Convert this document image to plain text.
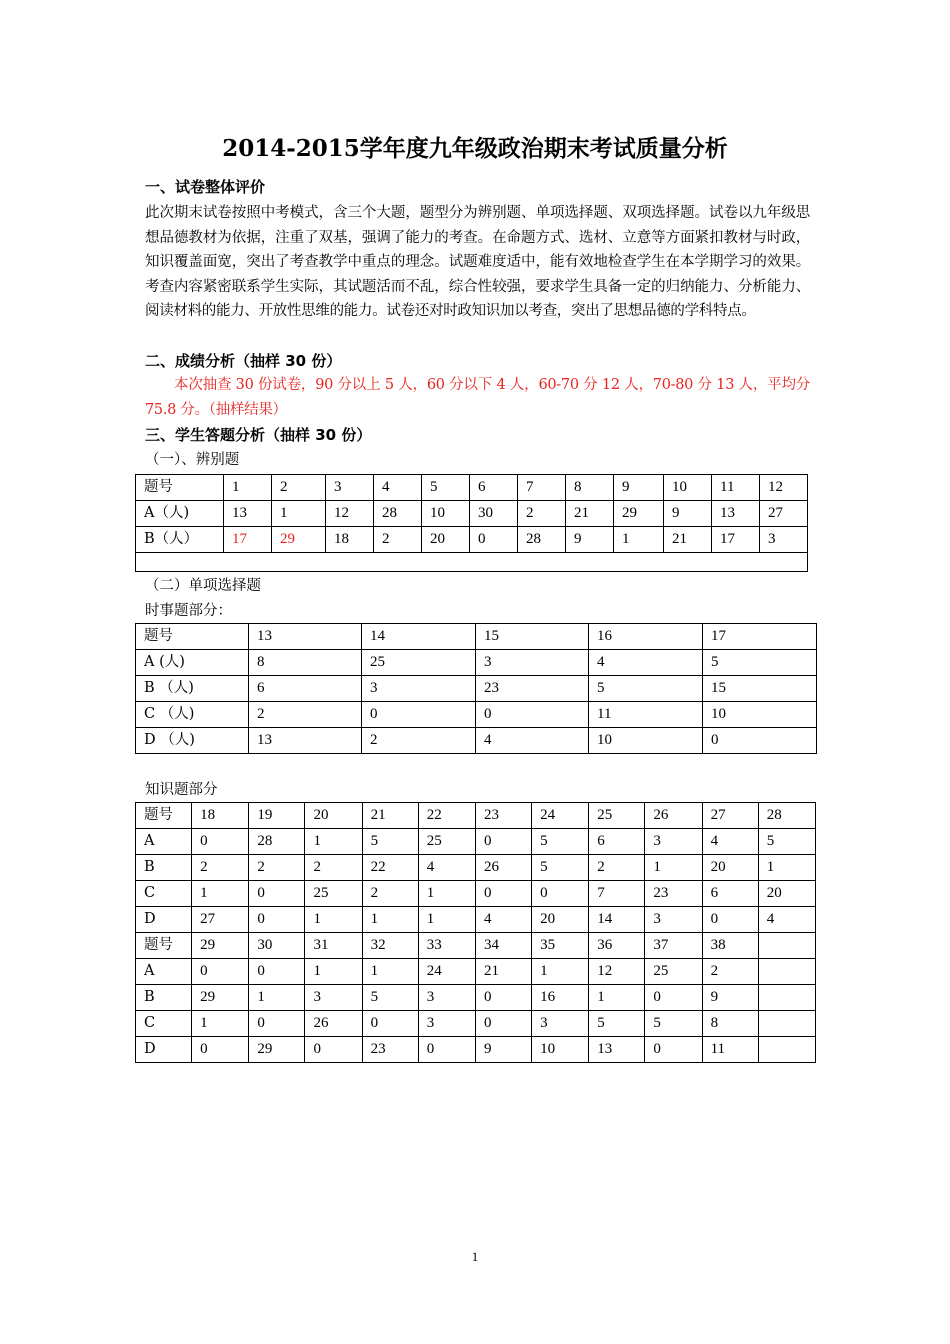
2014-2015学年度九年级政治期末考试质量分析
一、试卷整体评价

此次期末试卷按照中考模式，含三个大题，题型分为辨别题、单项选择题、双项选择题。试卷以九年级思想品德教材为依据，注重了双基，强调了能力的考查。在命题方式、选材、立意等方面紧扣教材与时政，知识覆盖面宽，突出了考查教学中重点的理念。试题难度适中，能有效地检查学生在本学期学习的效果。考查内容紧密联系学生实际，其试题活而不乱，综合性较强，要求学生具备一定的归纳能力、分析能力、阅读材料的能力、开放性思维的能力。试卷还对时政知识加以考查，突出了思想品德的学科特点。

二、成绩分析（抽样 30 份）

本次抽查 30 份试卷，90 分以上 5 人，60 分以下 4 人，60-70 分 12 人，70-80 分 13 人，平均分 75.8 分。（抽样结果）

三、学生答题分析（抽样 30 份）

（一）、辨别题

题号	1	2	3	4	5	6	7	8	9	10	11	12
A（人)	13	1	12	28	10	30	2	21	29	9	13	27
B（人）	17	29	18	2	20	0	28	9	1	21	17	3

（二）单项选择题

时事题部分：

题号	13	14	15	16	17
A (人)	8	25	3	4	5
B （人)	6	3	23	5	15
C （人)	2	0	0	11	10
D （人)	13	2	4	10	0

知识题部分

题号	18	19	20	21	22	23	24	25	26	27	28
A	0	28	1	5	25	0	5	6	3	4	5
B	2	2	2	22	4	26	5	2	1	20	1
C	1	0	25	2	1	0	0	7	23	6	20
D	27	0	1	1	1	4	20	14	3	0	4
题号	29	30	31	32	33	34	35	36	37	38	
A	0	0	1	1	24	21	1	12	25	2	
B	29	1	3	5	3	0	16	1	0	9	
C	1	0	26	0	3	0	3	5	5	8	
D	0	29	0	23	0	9	10	13	0	11	
1
